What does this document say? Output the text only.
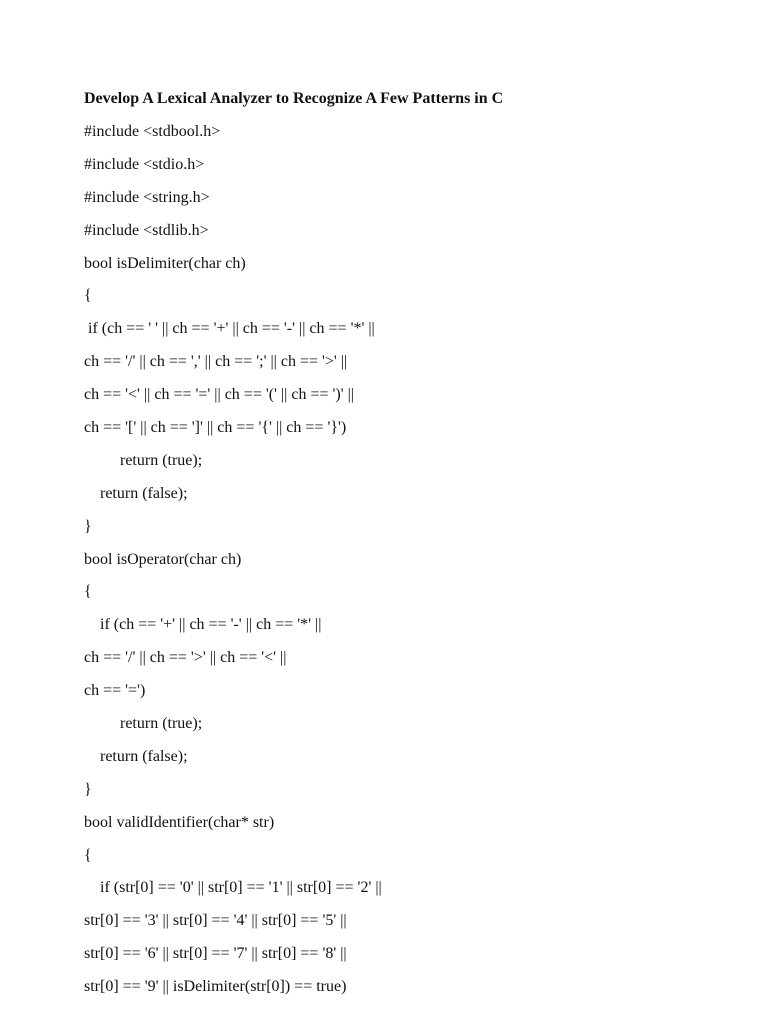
Develop A Lexical Analyzer to Recognize A Few Patterns in C
#include <stdbool.h>
#include <stdio.h>
#include <string.h>
#include <stdlib.h>
bool isDelimiter(char ch)
{
if (ch == ' ' || ch == '+' || ch == '-' || ch == '*' ||
ch == '/' || ch == ',' || ch == ';' || ch == '>' ||
ch == '<' || ch == '=' || ch == '(' || ch == ')' ||
ch == '[' || ch == ']' || ch == '{' || ch == '}')
return (true);
return (false);
}
bool isOperator(char ch)
{
if (ch == '+' || ch == '-' || ch == '*' ||
ch == '/' || ch == '>' || ch == '<' ||
ch == '=')
return (true);
return (false);
}
bool validIdentifier(char* str)
{
if (str[0] == '0' || str[0] == '1' || str[0] == '2' ||
str[0] == '3' || str[0] == '4' || str[0] == '5' ||
str[0] == '6' || str[0] == '7' || str[0] == '8' ||
str[0] == '9' || isDelimiter(str[0]) == true)
